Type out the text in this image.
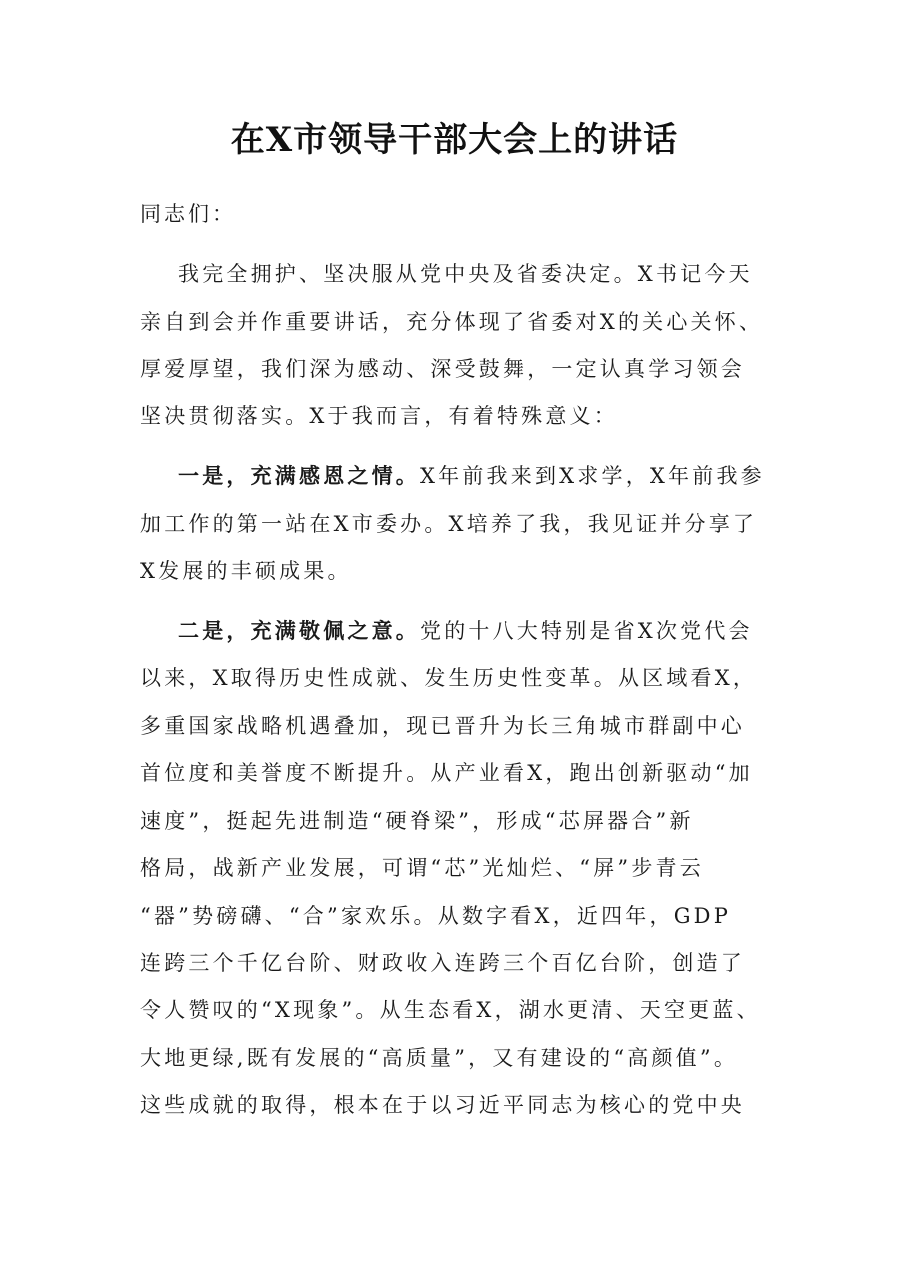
在X市领导干部大会上的讲话
同志们：
我完全拥护、坚决服从党中央及省委决定。X书记今天
亲自到会并作重要讲话，充分体现了省委对X的关心关怀、
厚爱厚望，我们深为感动、深受鼓舞，一定认真学习领会
坚决贯彻落实。X于我而言，有着特殊意义：
一是，充满感恩之情。X年前我来到X求学，X年前我参
加工作的第一站在X市委办。X培养了我，我见证并分享了
X发展的丰硕成果。
二是，充满敬佩之意。党的十八大特别是省X次党代会
以来，X取得历史性成就、发生历史性变革。从区域看X，
多重国家战略机遇叠加，现已晋升为长三角城市群副中心
首位度和美誉度不断提升。从产业看X，跑出创新驱动“加
速度”，挺起先进制造“硬脊梁”，形成“芯屏器合”新
格局，战新产业发展，可谓“芯”光灿烂、“屏”步青云
“器”势磅礴、“合”家欢乐。从数字看X，近四年，GDP
连跨三个千亿台阶、财政收入连跨三个百亿台阶，创造了
令人赞叹的“X现象”。从生态看X，湖水更清、天空更蓝、
大地更绿,既有发展的“高质量”，又有建设的“高颜值”。
这些成就的取得，根本在于以习近平同志为核心的党中央
